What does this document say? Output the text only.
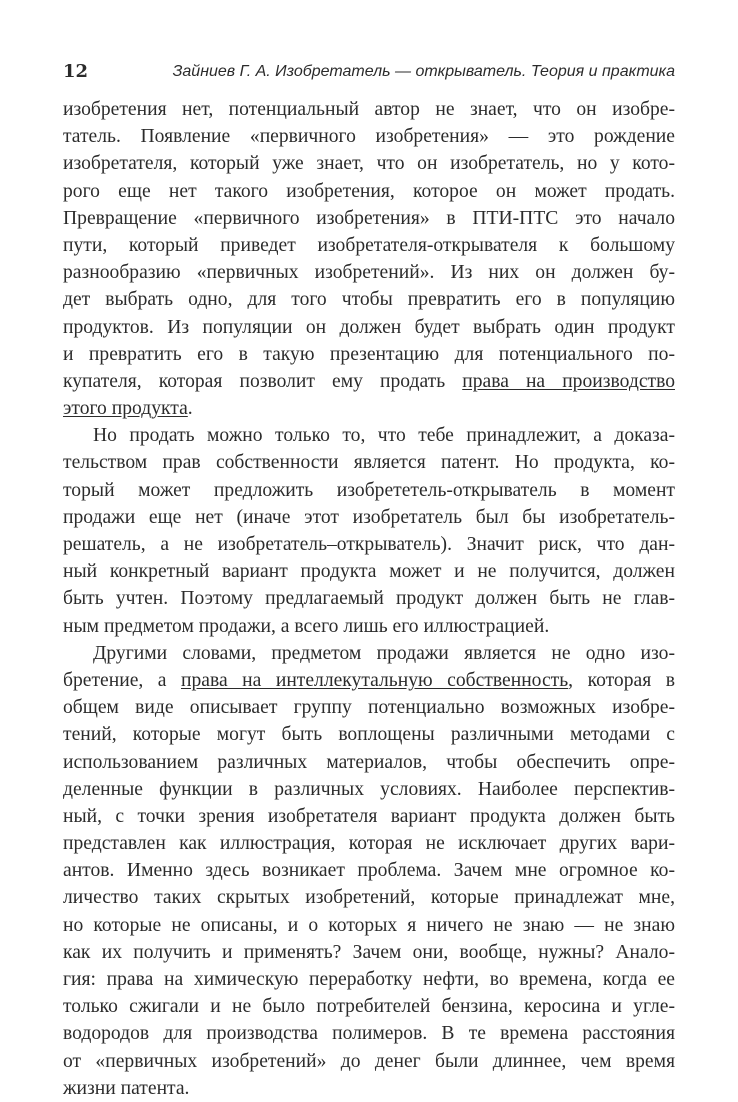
12	Зайниев Г. А. Изобретатель — открыватель. Теория и практика
изобретения нет, потенциальный автор не знает, что он изобре-
татель. Появление «первичного изобретения» — это рождение
изобретателя, который уже знает, что он изобретатель, но у кото-
рого еще нет такого изобретения, которое он может продать.
Превращение «первичного изобретения» в ПТИ-ПТС это начало
пути, который приведет изобретателя-открывателя к большому
разнообразию «первичных изобретений». Из них он должен бу-
дет выбрать одно, для того чтобы превратить его в популяцию
продуктов. Из популяции он должен будет выбрать один продукт
и превратить его в такую презентацию для потенциального по-
купателя, которая позволит ему продать права на производство
этого продукта.
Но продать можно только то, что тебе принадлежит, а доказа-
тельством прав собственности является патент. Но продукта, ко-
торый может предложить изобрететель-открыватель в момент
продажи еще нет (иначе этот изобретатель был бы изобретатель-
решатель, а не изобретатель–открыватель). Значит риск, что дан-
ный конкретный вариант продукта может и не получится, должен
быть учтен. Поэтому предлагаемый продукт должен быть не глав-
ным предметом продажи, а всего лишь его иллюстрацией.
Другими словами, предметом продажи является не одно изо-
бретение, а права на интеллекутальную собственность, которая в
общем виде описывает группу потенциально возможных изобре-
тений, которые могут быть воплощены различными методами с
использованием различных материалов, чтобы обеспечить опре-
деленные функции в различных условиях. Наиболее перспектив-
ный, с точки зрения изобретателя вариант продукта должен быть
представлен как иллюстрация, которая не исключает других вари-
антов. Именно здесь возникает проблема. Зачем мне огромное ко-
личество таких скрытых изобретений, которые принадлежат мне,
но которые не описаны, и о которых я ничего не знаю — не знаю
как их получить и применять? Зачем они, вообще, нужны? Анало-
гия: права на химическую переработку нефти, во времена, когда ее
только сжигали и не было потребителей бензина, керосина и угле-
водородов для производства полимеров. В те времена расстояния
от «первичных изобретений» до денег были длиннее, чем время
жизни патента.
